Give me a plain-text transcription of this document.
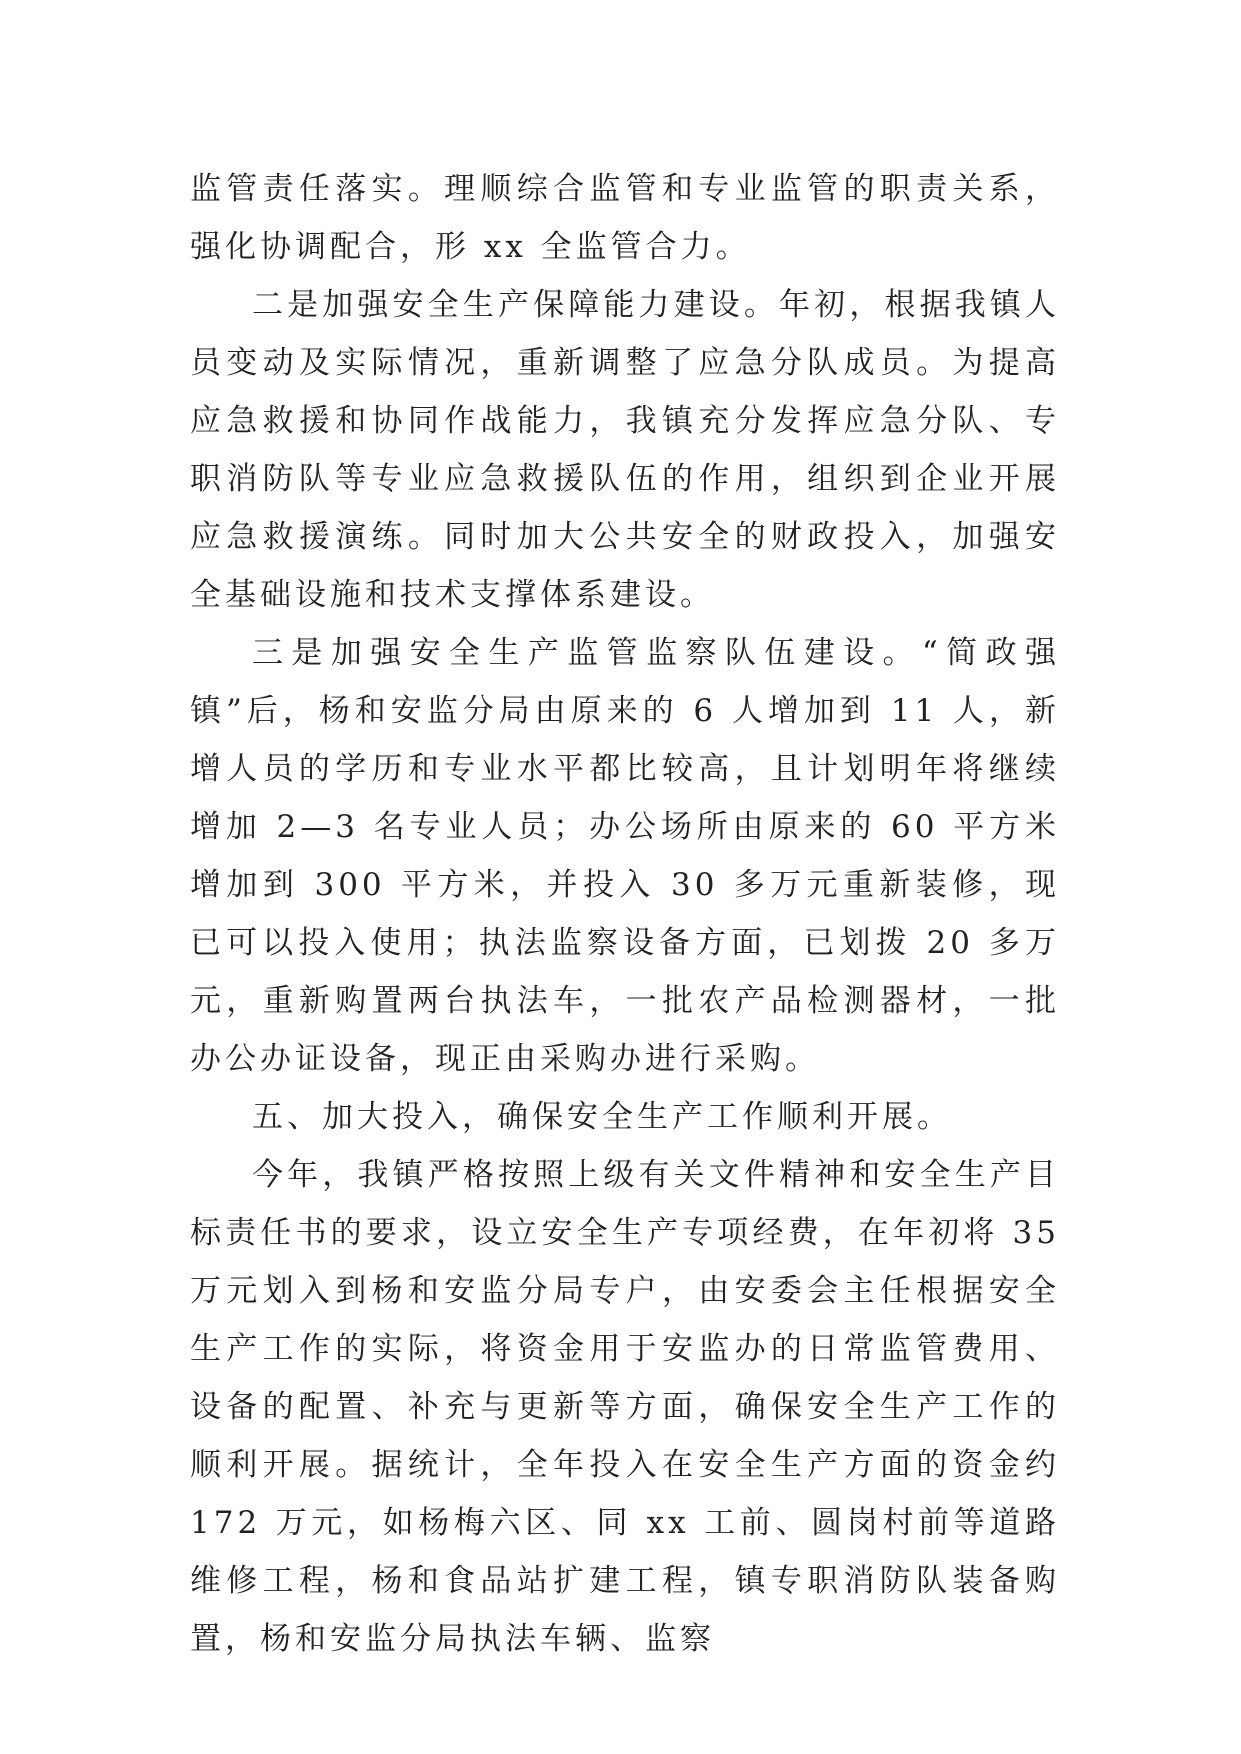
监管责任落实。理顺综合监管和专业监管的职责关系，强化协调配合，形 xx 全监管合力。

二是加强安全生产保障能力建设。年初，根据我镇人员变动及实际情况，重新调整了应急分队成员。为提高应急救援和协同作战能力，我镇充分发挥应急分队、专职消防队等专业应急救援队伍的作用，组织到企业开展应急救援演练。同时加大公共安全的财政投入，加强安全基础设施和技术支撑体系建设。

三是加强安全生产监管监察队伍建设。“简政强镇”后，杨和安监分局由原来的 6 人增加到 11 人，新增人员的学历和专业水平都比较高，且计划明年将继续增加 2—3 名专业人员；办公场所由原来的 60 平方米增加到 300 平方米，并投入 30 多万元重新装修，现已可以投入使用；执法监察设备方面，已划拨 20 多万元，重新购置两台执法车，一批农产品检测器材，一批办公办证设备，现正由采购办进行采购。

五、加大投入，确保安全生产工作顺利开展。

今年，我镇严格按照上级有关文件精神和安全生产目标责任书的要求，设立安全生产专项经费，在年初将 35 万元划入到杨和安监分局专户，由安委会主任根据安全生产工作的实际，将资金用于安监办的日常监管费用、设备的配置、补充与更新等方面，确保安全生产工作的顺利开展。据统计，全年投入在安全生产方面的资金约 172 万元，如杨梅六区、同 xx 工前、圆岗村前等道路维修工程，杨和食品站扩建工程，镇专职消防队装备购置，杨和安监分局执法车辆、监察
